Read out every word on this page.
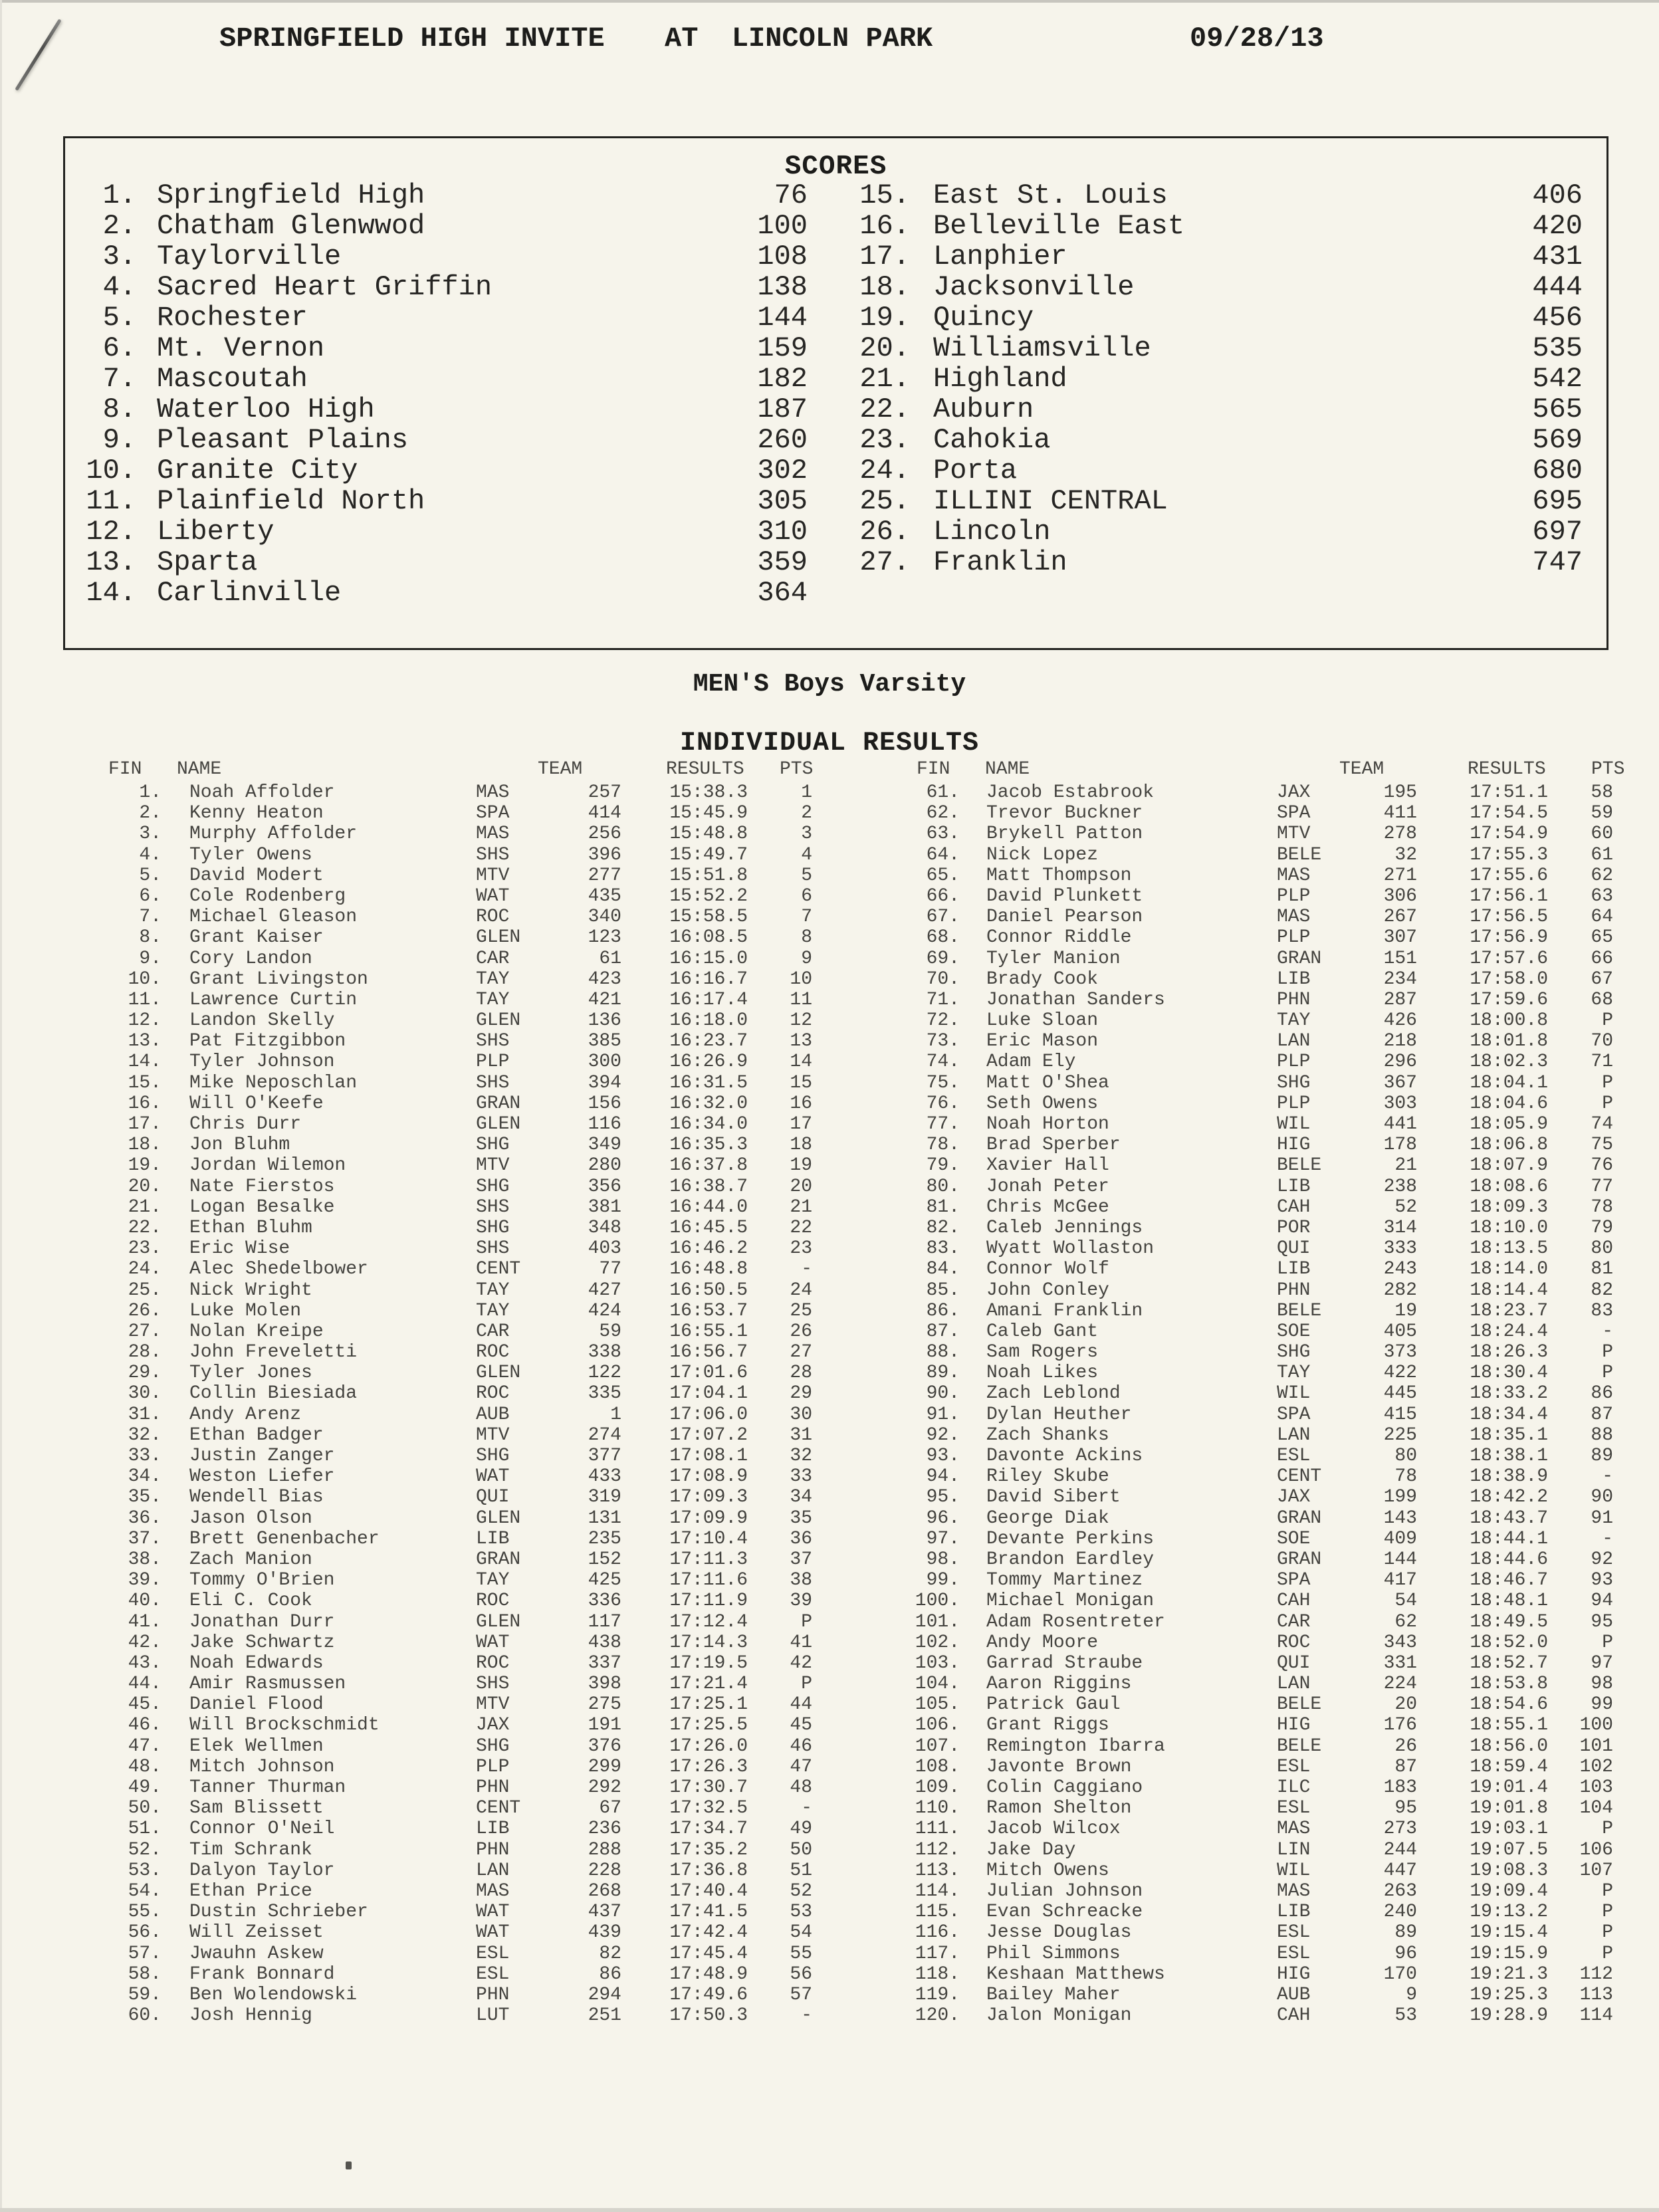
SPRINGFIELD HIGH INVITE AT  LINCOLN PARK	09/28/13
SCORES
1. Springfield High	76
2. Chatham Glenwwod	100
3. Taylorville	108
4. Sacred Heart Griffin	138
5. Rochester	144
6. Mt. Vernon	159
7. Mascoutah	182
8. Waterloo High	187
9. Pleasant Plains	260
10. Granite City	302
11. Plainfield North	305
12. Liberty	310
13. Sparta	359
14. Carlinville	364
15. East St. Louis	406
16. Belleville East	420
17. Lanphier	431
18. Jacksonville	444
19. Quincy	456
20. Williamsville	535
21. Highland	542
22. Auburn	565
23. Cahokia	569
24. Porta	680
25. ILLINI CENTRAL	695
26. Lincoln	697
27. Franklin	747
MEN'S Boys Varsity
INDIVIDUAL RESULTS
FIN NAME	TEAM	RESULTS PTS	FIN NAME	TEAM	RESULTS PTS
1. Noah Affolder	MAS	257	15:38.3	1
2. Kenny Heaton	SPA	414	15:45.9	2
3. Murphy Affolder	MAS	256	15:48.8	3
4. Tyler Owens	SHS	396	15:49.7	4
5. David Modert	MTV	277	15:51.8	5
6. Cole Rodenberg	WAT	435	15:52.2	6
7. Michael Gleason	ROC	340	15:58.5	7
8. Grant Kaiser	GLEN	123	16:08.5	8
9. Cory Landon	CAR	61	16:15.0	9
10. Grant Livingston	TAY	423	16:16.7	10
11. Lawrence Curtin	TAY	421	16:17.4	11
12. Landon Skelly	GLEN	136	16:18.0	12
13. Pat Fitzgibbon	SHS	385	16:23.7	13
14. Tyler Johnson	PLP	300	16:26.9	14
15. Mike Neposchlan	SHS	394	16:31.5	15
16. Will O'Keefe	GRAN	156	16:32.0	16
17. Chris Durr	GLEN	116	16:34.0	17
18. Jon Bluhm	SHG	349	16:35.3	18
19. Jordan Wilemon	MTV	280	16:37.8	19
20. Nate Fierstos	SHG	356	16:38.7	20
21. Logan Besalke	SHS	381	16:44.0	21
22. Ethan Bluhm	SHG	348	16:45.5	22
23. Eric Wise	SHS	403	16:46.2	23
24. Alec Shedelbower	CENT	77	16:48.8	-
25. Nick Wright	TAY	427	16:50.5	24
26. Luke Molen	TAY	424	16:53.7	25
27. Nolan Kreipe	CAR	59	16:55.1	26
28. John Freveletti	ROC	338	16:56.7	27
29. Tyler Jones	GLEN	122	17:01.6	28
30. Collin Biesiada	ROC	335	17:04.1	29
31. Andy Arenz	AUB	1	17:06.0	30
32. Ethan Badger	MTV	274	17:07.2	31
33. Justin Zanger	SHG	377	17:08.1	32
34. Weston Liefer	WAT	433	17:08.9	33
35. Wendell Bias	QUI	319	17:09.3	34
36. Jason Olson	GLEN	131	17:09.9	35
37. Brett Genenbacher	LIB	235	17:10.4	36
38. Zach Manion	GRAN	152	17:11.3	37
39. Tommy O'Brien	TAY	425	17:11.6	38
40. Eli C. Cook	ROC	336	17:11.9	39
41. Jonathan Durr	GLEN	117	17:12.4	P
42. Jake Schwartz	WAT	438	17:14.3	41
43. Noah Edwards	ROC	337	17:19.5	42
44. Amir Rasmussen	SHS	398	17:21.4	P
45. Daniel Flood	MTV	275	17:25.1	44
46. Will Brockschmidt	JAX	191	17:25.5	45
47. Elek Wellmen	SHG	376	17:26.0	46
48. Mitch Johnson	PLP	299	17:26.3	47
49. Tanner Thurman	PHN	292	17:30.7	48
50. Sam Blissett	CENT	67	17:32.5	-
51. Connor O'Neil	LIB	236	17:34.7	49
52. Tim Schrank	PHN	288	17:35.2	50
53. Dalyon Taylor	LAN	228	17:36.8	51
54. Ethan Price	MAS	268	17:40.4	52
55. Dustin Schrieber	WAT	437	17:41.5	53
56. Will Zeisset	WAT	439	17:42.4	54
57. Jwauhn Askew	ESL	82	17:45.4	55
58. Frank Bonnard	ESL	86	17:48.9	56
59. Ben Wolendowski	PHN	294	17:49.6	57
60. Josh Hennig	LUT	251	17:50.3	-
61. Jacob Estabrook	JAX	195	17:51.1	58
62. Trevor Buckner	SPA	411	17:54.5	59
63. Brykell Patton	MTV	278	17:54.9	60
64. Nick Lopez	BELE	32	17:55.3	61
65. Matt Thompson	MAS	271	17:55.6	62
66. David Plunkett	PLP	306	17:56.1	63
67. Daniel Pearson	MAS	267	17:56.5	64
68. Connor Riddle	PLP	307	17:56.9	65
69. Tyler Manion	GRAN	151	17:57.6	66
70. Brady Cook	LIB	234	17:58.0	67
71. Jonathan Sanders	PHN	287	17:59.6	68
72. Luke Sloan	TAY	426	18:00.8	P
73. Eric Mason	LAN	218	18:01.8	70
74. Adam Ely	PLP	296	18:02.3	71
75. Matt O'Shea	SHG	367	18:04.1	P
76. Seth Owens	PLP	303	18:04.6	P
77. Noah Horton	WIL	441	18:05.9	74
78. Brad Sperber	HIG	178	18:06.8	75
79. Xavier Hall	BELE	21	18:07.9	76
80. Jonah Peter	LIB	238	18:08.6	77
81. Chris McGee	CAH	52	18:09.3	78
82. Caleb Jennings	POR	314	18:10.0	79
83. Wyatt Wollaston	QUI	333	18:13.5	80
84. Connor Wolf	LIB	243	18:14.0	81
85. John Conley	PHN	282	18:14.4	82
86. Amani Franklin	BELE	19	18:23.7	83
87. Caleb Gant	SOE	405	18:24.4	-
88. Sam Rogers	SHG	373	18:26.3	P
89. Noah Likes	TAY	422	18:30.4	P
90. Zach Leblond	WIL	445	18:33.2	86
91. Dylan Heuther	SPA	415	18:34.4	87
92. Zach Shanks	LAN	225	18:35.1	88
93. Davonte Ackins	ESL	80	18:38.1	89
94. Riley Skube	CENT	78	18:38.9	-
95. David Sibert	JAX	199	18:42.2	90
96. George Diak	GRAN	143	18:43.7	91
97. Devante Perkins	SOE	409	18:44.1	-
98. Brandon Eardley	GRAN	144	18:44.6	92
99. Tommy Martinez	SPA	417	18:46.7	93
100. Michael Monigan	CAH	54	18:48.1	94
101. Adam Rosentreter	CAR	62	18:49.5	95
102. Andy Moore	ROC	343	18:52.0	P
103. Garrad Straube	QUI	331	18:52.7	97
104. Aaron Riggins	LAN	224	18:53.8	98
105. Patrick Gaul	BELE	20	18:54.6	99
106. Grant Riggs	HIG	176	18:55.1	100
107. Remington Ibarra	BELE	26	18:56.0	101
108. Javonte Brown	ESL	87	18:59.4	102
109. Colin Caggiano	ILC	183	19:01.4	103
110. Ramon Shelton	ESL	95	19:01.8	104
111. Jacob Wilcox	MAS	273	19:03.1	P
112. Jake Day	LIN	244	19:07.5	106
113. Mitch Owens	WIL	447	19:08.3	107
114. Julian Johnson	MAS	263	19:09.4	P
115. Evan Schreacke	LIB	240	19:13.2	P
116. Jesse Douglas	ESL	89	19:15.4	P
117. Phil Simmons	ESL	96	19:15.9	P
118. Keshaan Matthews	HIG	170	19:21.3	112
119. Bailey Maher	AUB	9	19:25.3	113
120. Jalon Monigan	CAH	53	19:28.9	114
